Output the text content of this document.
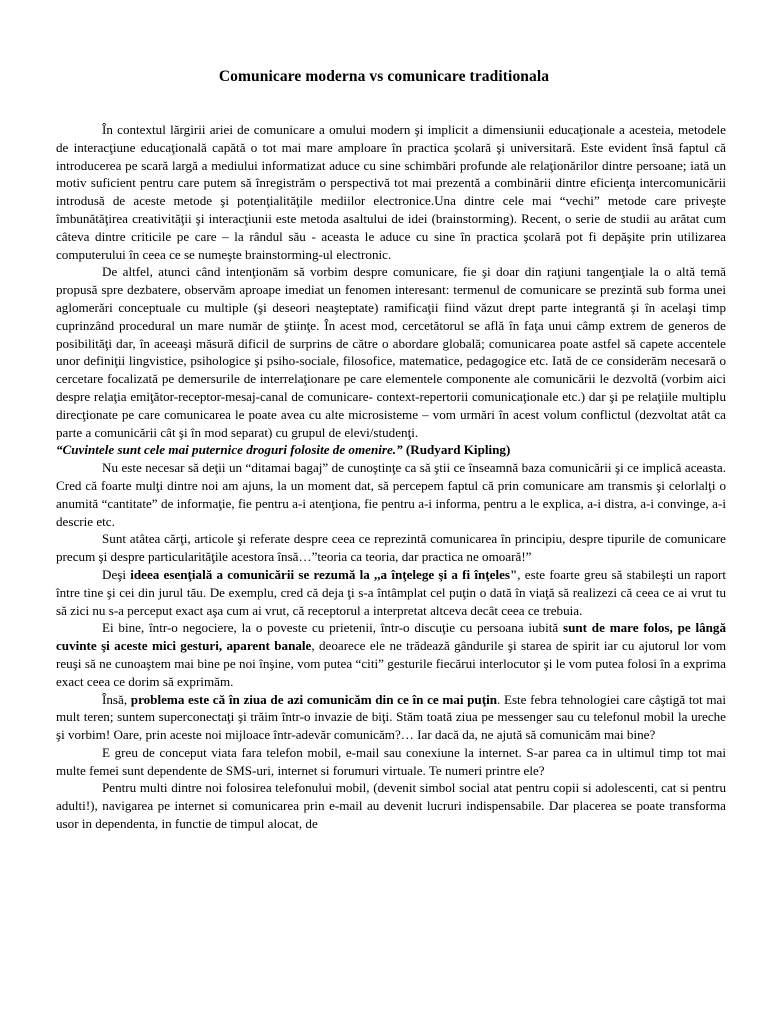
Comunicare moderna vs comunicare traditionala

În contextul lărgirii ariei de comunicare a omului modern şi implicit a dimensiunii educaţionale a acesteia, metodele de interacţiune educaţională capătă o tot mai mare amploare în practica şcolară şi universitară. Este evident însă faptul că introducerea pe scară largă a mediului informatizat aduce cu sine schimbări profunde ale relaţionărilor dintre persoane; iată un motiv suficient pentru care putem să înregistrăm o perspectivă tot mai prezentă a combinării dintre eficienţa intercomunicării introdusă de aceste metode şi potenţialităţile mediilor electronice.Una dintre cele mai “vechi” metode care priveşte îmbunătăţirea creativităţii şi interacţiunii este metoda asaltului de idei (brainstorming). Recent, o serie de studii au arătat cum câteva dintre criticile pe care – la rândul său - aceasta le aduce cu sine în practica şcolară pot fi depăşite prin utilizarea computerului în ceea ce se numeşte brainstorming-ul electronic.

De altfel, atunci când intenţionăm să vorbim despre comunicare, fie şi doar din raţiuni tangenţiale la o altă temă propusă spre dezbatere, observăm aproape imediat un fenomen interesant: termenul de comunicare se prezintă sub forma unei aglomerări conceptuale cu multiple (şi deseori neaşteptate) ramificaţii fiind văzut drept parte integrantă şi în acelaşi timp cuprinzând procedural un mare număr de ştiinţe. În acest mod, cercetătorul se află în faţa unui câmp extrem de generos de posibilităţi dar, în aceeaşi măsură dificil de surprins de către o abordare globală; comunicarea poate astfel să capete accentele unor definiţii lingvistice, psihologice şi psiho-sociale, filosofice, matematice, pedagogice etc. Iată de ce considerăm necesară o cercetare focalizată pe demersurile de interrelaţionare pe care elementele componente ale comunicării le dezvoltă (vorbim aici despre relaţia emiţător-receptor-mesaj-canal de comunicare- context-repertorii comunicaţionale etc.) dar şi pe relaţiile multiplu direcţionate pe care comunicarea le poate avea cu alte microsisteme – vom urmări în acest volum conflictul (dezvoltat atât ca parte a comunicării cât şi în mod separat) cu grupul de elevi/studenţi.

“Cuvintele sunt cele mai puternice droguri folosite de omenire.” (Rudyard Kipling)

Nu este necesar să deţii un “ditamai bagaj” de cunoştinţe ca să ştii ce înseamnă baza comunicării şi ce implică aceasta. Cred că foarte mulţi dintre noi am ajuns, la un moment dat, să percepem faptul că prin comunicare am transmis şi celorlalţi o anumită “cantitate” de informaţie, fie pentru a-i atenţiona, fie pentru a-i informa, pentru a le explica, a-i distra, a-i convinge, a-i descrie etc.

Sunt atâtea cărţi, articole şi referate despre ceea ce reprezintă comunicarea în principiu, despre tipurile de comunicare precum şi despre particularităţile acestora însă…”teoria ca teoria, dar practica ne omoară!”

Deşi ideea esenţială a comunicării se rezumă la ,,a înţelege şi a fi înţeles", este foarte greu să stabileşti un raport între tine şi cei din jurul tău. De exemplu, cred că deja ţi s-a întâmplat cel puţin o dată în viaţă să realizezi că ceea ce ai vrut tu să zici nu s-a perceput exact aşa cum ai vrut, că receptorul a interpretat altceva decât ceea ce trebuia.

Ei bine, într-o negociere, la o poveste cu prietenii, într-o discuţie cu persoana iubită sunt de mare folos, pe lângă cuvinte şi aceste mici gesturi, aparent banale, deoarece ele ne trădează gândurile şi starea de spirit iar cu ajutorul lor vom reuşi să ne cunoaştem mai bine pe noi înşine, vom putea “citi” gesturile fiecărui interlocutor şi le vom putea folosi în a exprima exact ceea ce dorim să exprimăm.

Însă, problema este că în ziua de azi comunicăm din ce în ce mai puţin. Este febra tehnologiei care câştigă tot mai mult teren; suntem superconectaţi şi trăim într-o invazie de biţi. Stăm toată ziua pe messenger sau cu telefonul mobil la ureche şi vorbim! Oare, prin aceste noi mijloace într-adevăr comunicăm?… Iar dacă da, ne ajută să comunicăm mai bine?

E greu de conceput viata fara telefon mobil, e-mail sau conexiune la internet. S-ar parea ca in ultimul timp tot mai multe femei sunt dependente de SMS-uri, internet si forumuri virtuale. Te numeri printre ele?

Pentru multi dintre noi folosirea telefonului mobil, (devenit simbol social atat pentru copii si adolescenti, cat si pentru adulti!), navigarea pe internet si comunicarea prin e-mail au devenit lucruri indispensabile. Dar placerea se poate transforma usor in dependenta, in functie de timpul alocat, de
